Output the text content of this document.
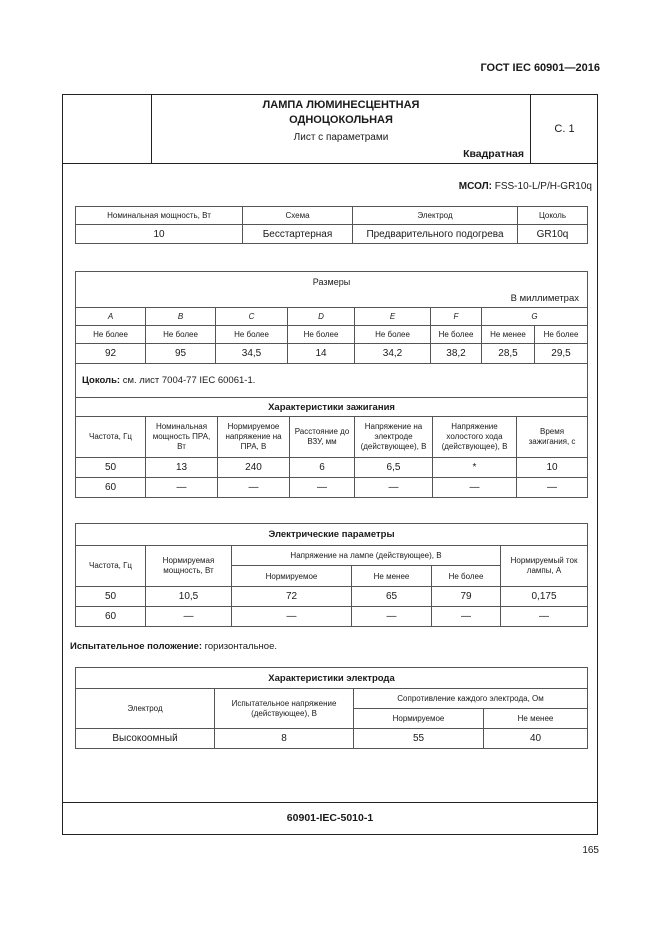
ГОСТ IEC 60901—2016
С. 1
ЛАМПА ЛЮМИНЕСЦЕНТНАЯ
ОДНОЦОКОЛЬНАЯ
Лист с параметрами
Квадратная
МСОЛ: FSS-10-L/P/H-GR10q
Номинальная мощность, Вт	Схема	Электрод	Цоколь
10	Бесстартерная	Предварительного подогрева	GR10q
Размеры
В миллиметрах							

A	B	C	D	E	F	G	
Не более	Не более	Не более	Не более	Не более	Не более	Не менее	Не более
92	95	34,5	14	34,2	38,2	28,5	29,5
Цоколь: см. лист 7004-77 IEC 60061-1.							
Характеристики зажигания						
Частота, Гц	Номинальная мощность ПРА, Вт	Нормируемое напряжение на ПРА, В	Расстояние до ВЗУ, мм	Напряжение на электроде (действующее), В	Напряжение холостого хода (действующее), В	Время зажигания, с
50	13	240	6	6,5	*	10
60	—	—	—	—	—	—
Электрические параметры					
Частота, Гц	Нормируемая мощность, Вт	Напряжение на лампе (действующее), В			Нормируемый ток лампы, А
		Нормируемое	Не менее	Не более	
50	10,5	72	65	79	0,175
60	—	—	—	—	—
Испытательное положение: горизонтальное.
Характеристики электрода			
Электрод	Испытательное напряжение (действующее), В	Сопротивление каждого электрода, Ом	
		Нормируемое	Не менее
Высокоомный	8	55	40
60901-IEC-5010-1
165
